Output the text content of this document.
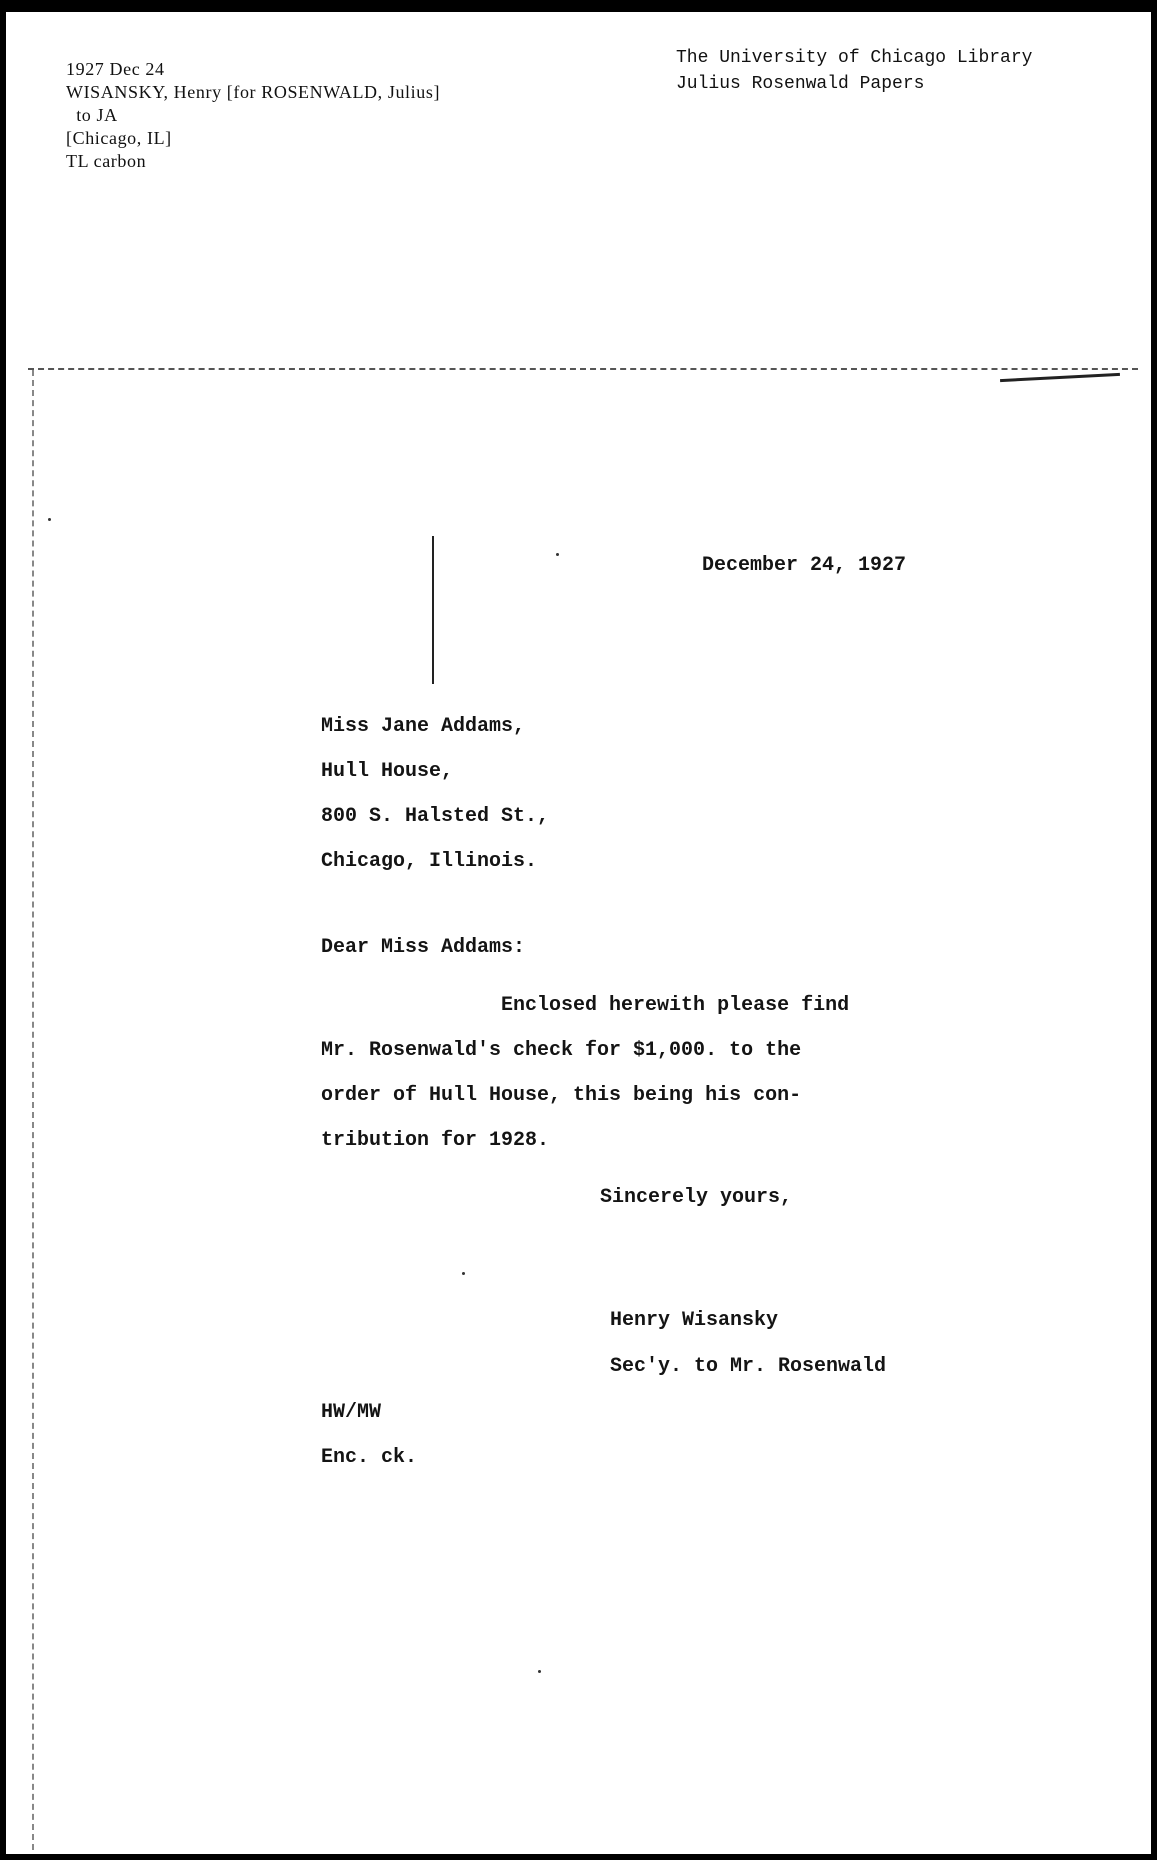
1927 Dec 24
WISANSKY, Henry [for ROSENWALD, Julius]
to JA
[Chicago, IL]
TL carbon
The University of Chicago Library
Julius Rosenwald Papers
December 24, 1927
Miss Jane Addams,
Hull House,
800 S. Halsted St.,
Chicago, Illinois.
Dear Miss Addams:
Enclosed herewith please find
Mr. Rosenwald's check for $1,000. to the
order of Hull House, this being his con-
tribution for 1928.
Sincerely yours,
Henry Wisansky
Sec'y. to Mr. Rosenwald
HW/MW
Enc. ck.
